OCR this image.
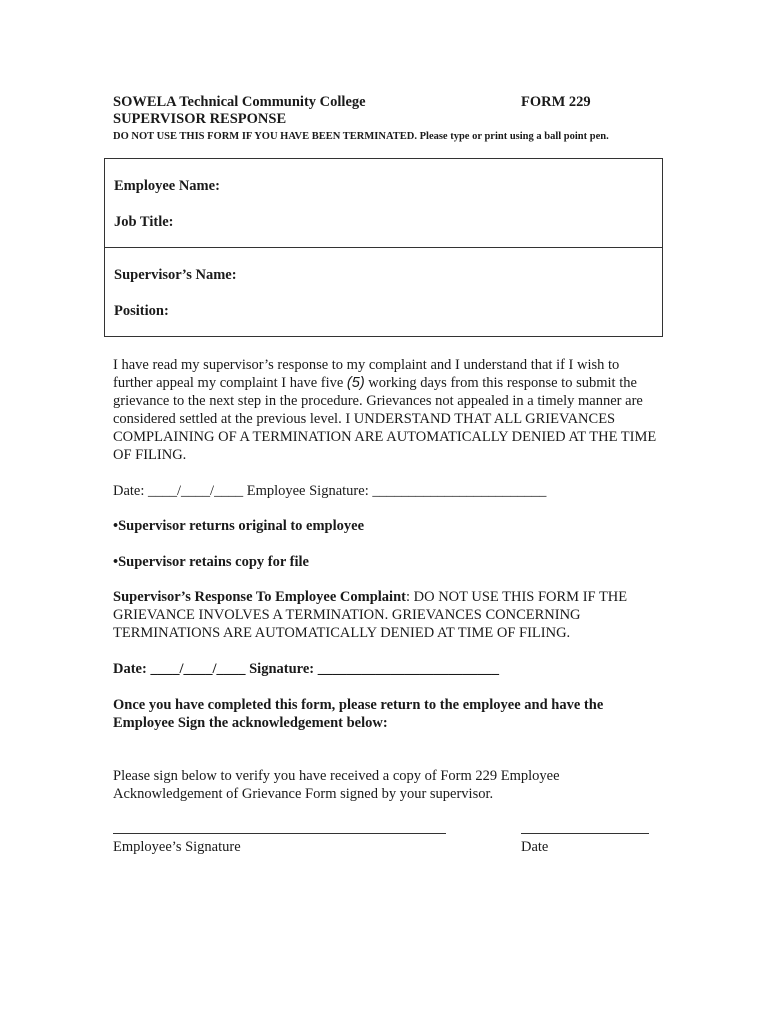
SOWELA Technical Community College	FORM 229
SUPERVISOR RESPONSE
DO NOT USE THIS FORM IF YOU HAVE BEEN TERMINATED. Please type or print using a ball point pen.
Employee Name:
Job Title:
Supervisor’s Name:
Position:
I have read my supervisor’s response to my complaint and I understand that if I wish to further appeal my complaint I have five (5) working days from this response to submit the grievance to the next step in the procedure. Grievances not appealed in a timely manner are considered settled at the previous level. I UNDERSTAND THAT ALL GRIEVANCES COMPLAINING OF A TERMINATION ARE AUTOMATICALLY DENIED AT THE TIME OF FILING.
Date: ____/____/____ Employee Signature: ________________________
•Supervisor returns original to employee
•Supervisor retains copy for file
Supervisor’s Response To Employee Complaint: DO NOT USE THIS FORM IF THE GRIEVANCE INVOLVES A TERMINATION. GRIEVANCES CONCERNING TERMINATIONS ARE AUTOMATICALLY DENIED AT TIME OF FILING.
Date: ____/____/____ Signature: _________________________
Once you have completed this form, please return to the employee and have the Employee Sign the acknowledgement below:
Please sign below to verify you have received a copy of Form 229 Employee Acknowledgement of Grievance Form signed by your supervisor.
Employee’s Signature	Date
